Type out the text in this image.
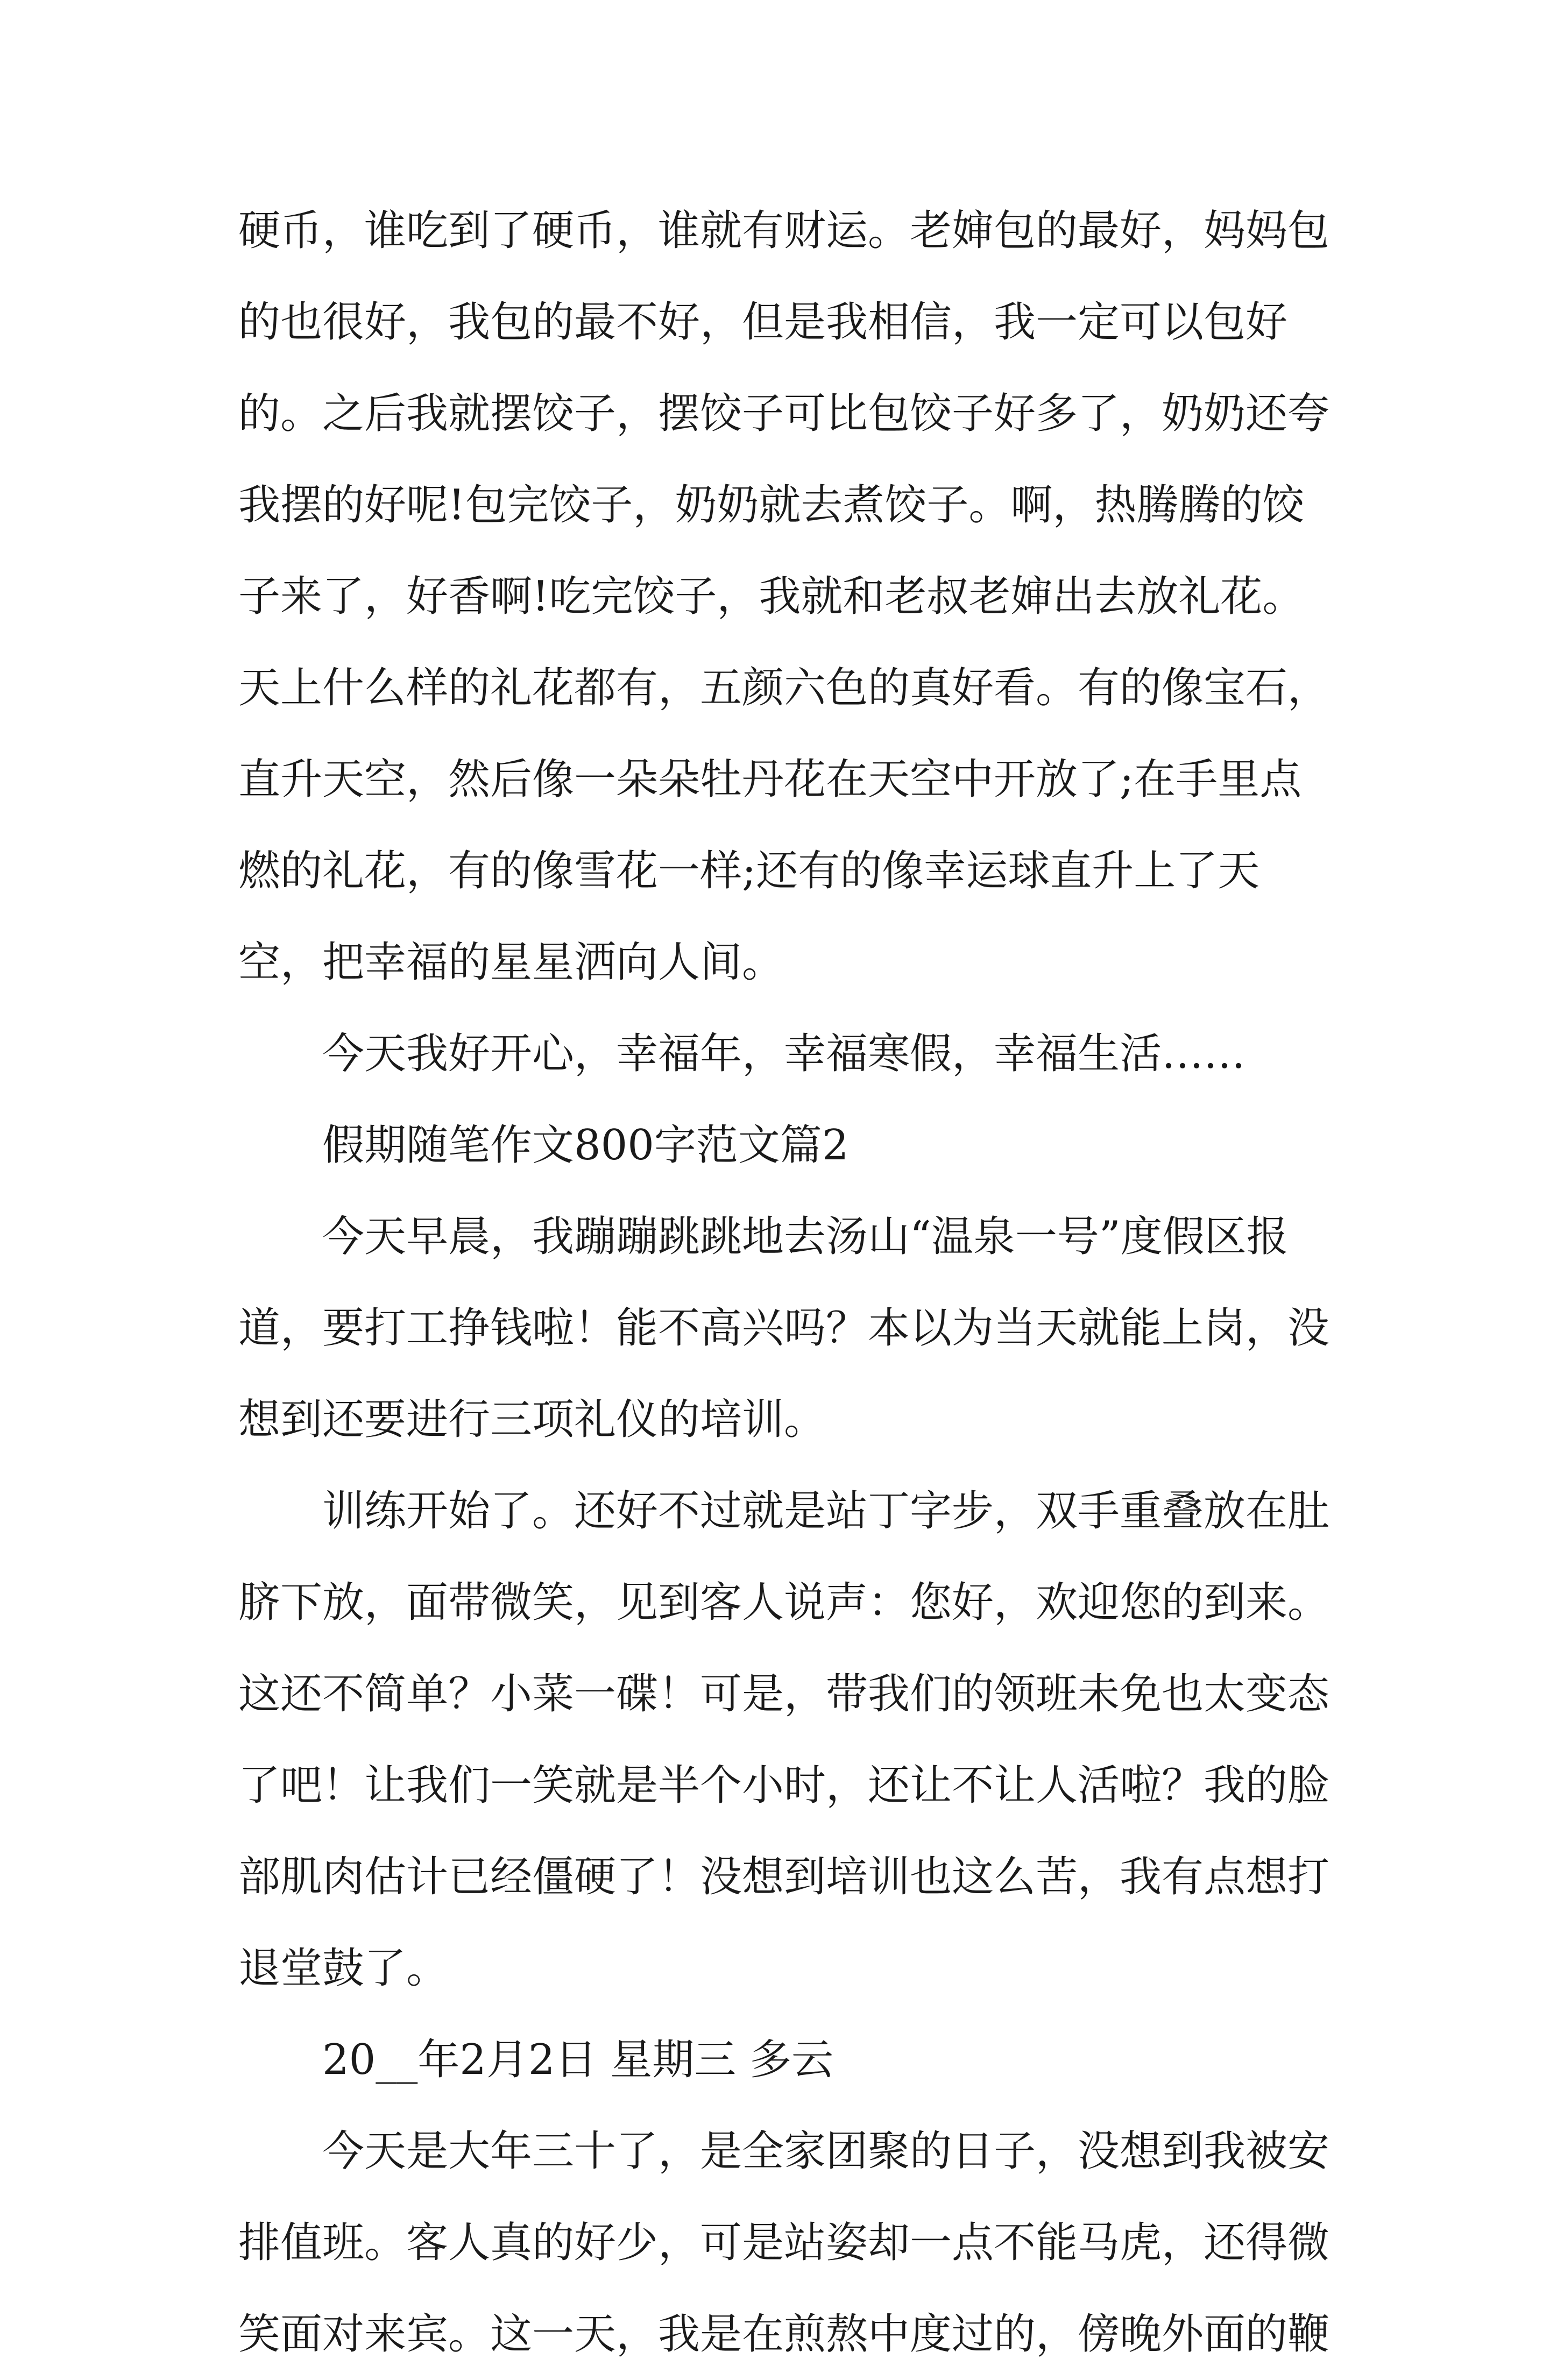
硬币，谁吃到了硬币，谁就有财运。老婶包的最好，妈妈包的也很好，我包的最不好，但是我相信，我一定可以包好的。之后我就摆饺子，摆饺子可比包饺子好多了，奶奶还夸我摆的好呢!包完饺子，奶奶就去煮饺子。啊，热腾腾的饺子来了，好香啊!吃完饺子，我就和老叔老婶出去放礼花。天上什么样的礼花都有，五颜六色的真好看。有的像宝石，直升天空，然后像一朵朵牡丹花在天空中开放了;在手里点燃的礼花，有的像雪花一样;还有的像幸运球直升上了天空，把幸福的星星洒向人间。

今天我好开心，幸福年，幸福寒假，幸福生活……

假期随笔作文800字范文篇2

今天早晨，我蹦蹦跳跳地去汤山“温泉一号”度假区报道，要打工挣钱啦！能不高兴吗？本以为当天就能上岗，没想到还要进行三项礼仪的培训。

训练开始了。还好不过就是站丁字步，双手重叠放在肚脐下放，面带微笑，见到客人说声：您好，欢迎您的到来。这还不简单？小菜一碟！可是，带我们的领班未免也太变态了吧！让我们一笑就是半个小时，还让不让人活啦？我的脸部肌肉估计已经僵硬了！没想到培训也这么苦，我有点想打退堂鼓了。

20__年2月2日 星期三 多云

今天是大年三十了，是全家团聚的日子，没想到我被安排值班。客人真的好少，可是站姿却一点不能马虎，还得微笑面对来宾。这一天，我是在煎熬中度过的，傍晚外面的鞭
